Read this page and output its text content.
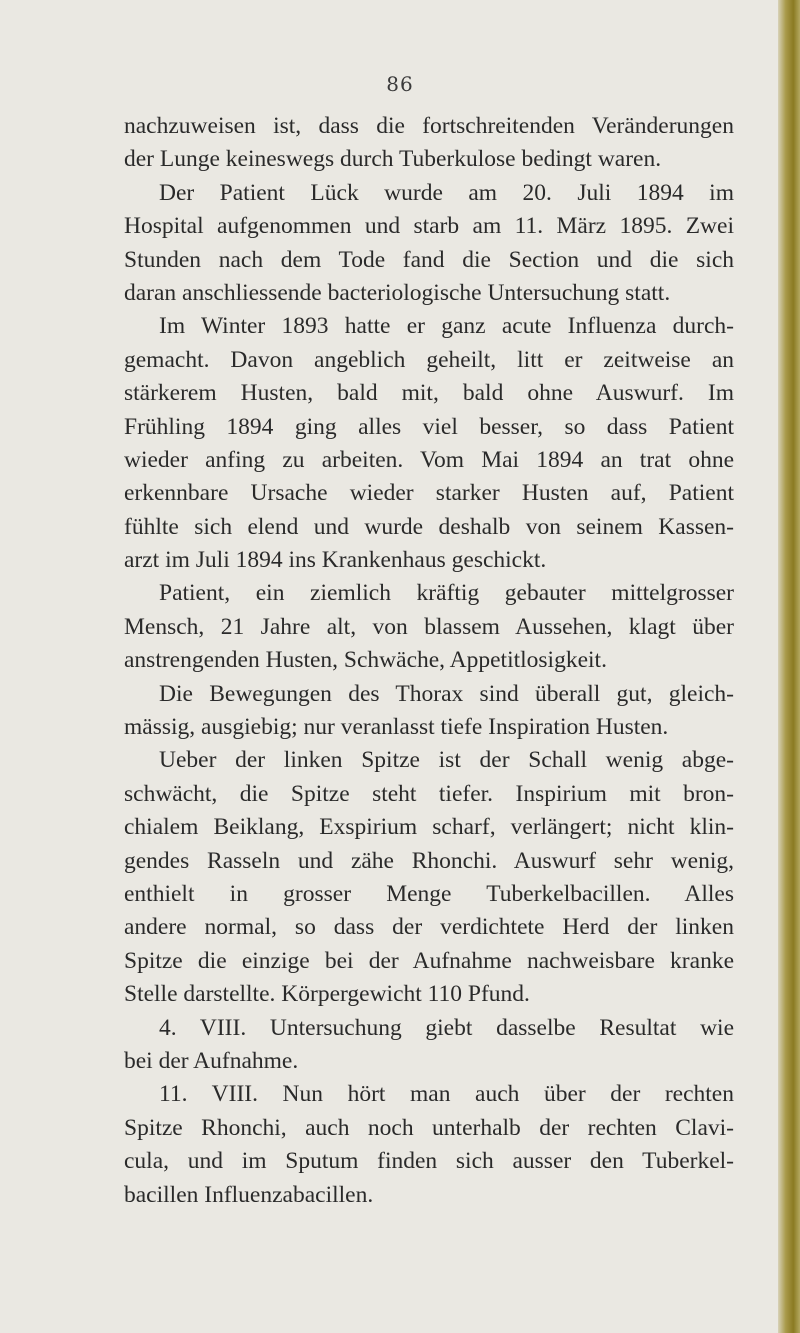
86
nachzuweisen ist, dass die fortschreitenden Veränderungen
der Lunge keineswegs durch Tuberkulose bedingt waren.
Der Patient Lück wurde am 20. Juli 1894 im
Hospital aufgenommen und starb am 11. März 1895. Zwei
Stunden nach dem Tode fand die Section und die sich
daran anschliessende bacteriologische Untersuchung statt.
Im Winter 1893 hatte er ganz acute Influenza durch-
gemacht. Davon angeblich geheilt, litt er zeitweise an
stärkerem Husten, bald mit, bald ohne Auswurf. Im
Frühling 1894 ging alles viel besser, so dass Patient
wieder anfing zu arbeiten. Vom Mai 1894 an trat ohne
erkennbare Ursache wieder starker Husten auf, Patient
fühlte sich elend und wurde deshalb von seinem Kassen-
arzt im Juli 1894 ins Krankenhaus geschickt.
Patient, ein ziemlich kräftig gebauter mittelgrosser
Mensch, 21 Jahre alt, von blassem Aussehen, klagt über
anstrengenden Husten, Schwäche, Appetitlosigkeit.
Die Bewegungen des Thorax sind überall gut, gleich-
mässig, ausgiebig; nur veranlasst tiefe Inspiration Husten.
Ueber der linken Spitze ist der Schall wenig abge-
schwächt, die Spitze steht tiefer. Inspirium mit bron-
chialem Beiklang, Exspirium scharf, verlängert; nicht klin-
gendes Rasseln und zähe Rhonchi. Auswurf sehr wenig,
enthielt in grosser Menge Tuberkelbacillen. Alles
andere normal, so dass der verdichtete Herd der linken
Spitze die einzige bei der Aufnahme nachweisbare kranke
Stelle darstellte. Körpergewicht 110 Pfund.
4. VIII. Untersuchung giebt dasselbe Resultat wie
bei der Aufnahme.
11. VIII. Nun hört man auch über der rechten
Spitze Rhonchi, auch noch unterhalb der rechten Clavi-
cula, und im Sputum finden sich ausser den Tuberkel-
bacillen Influenzabacillen.
